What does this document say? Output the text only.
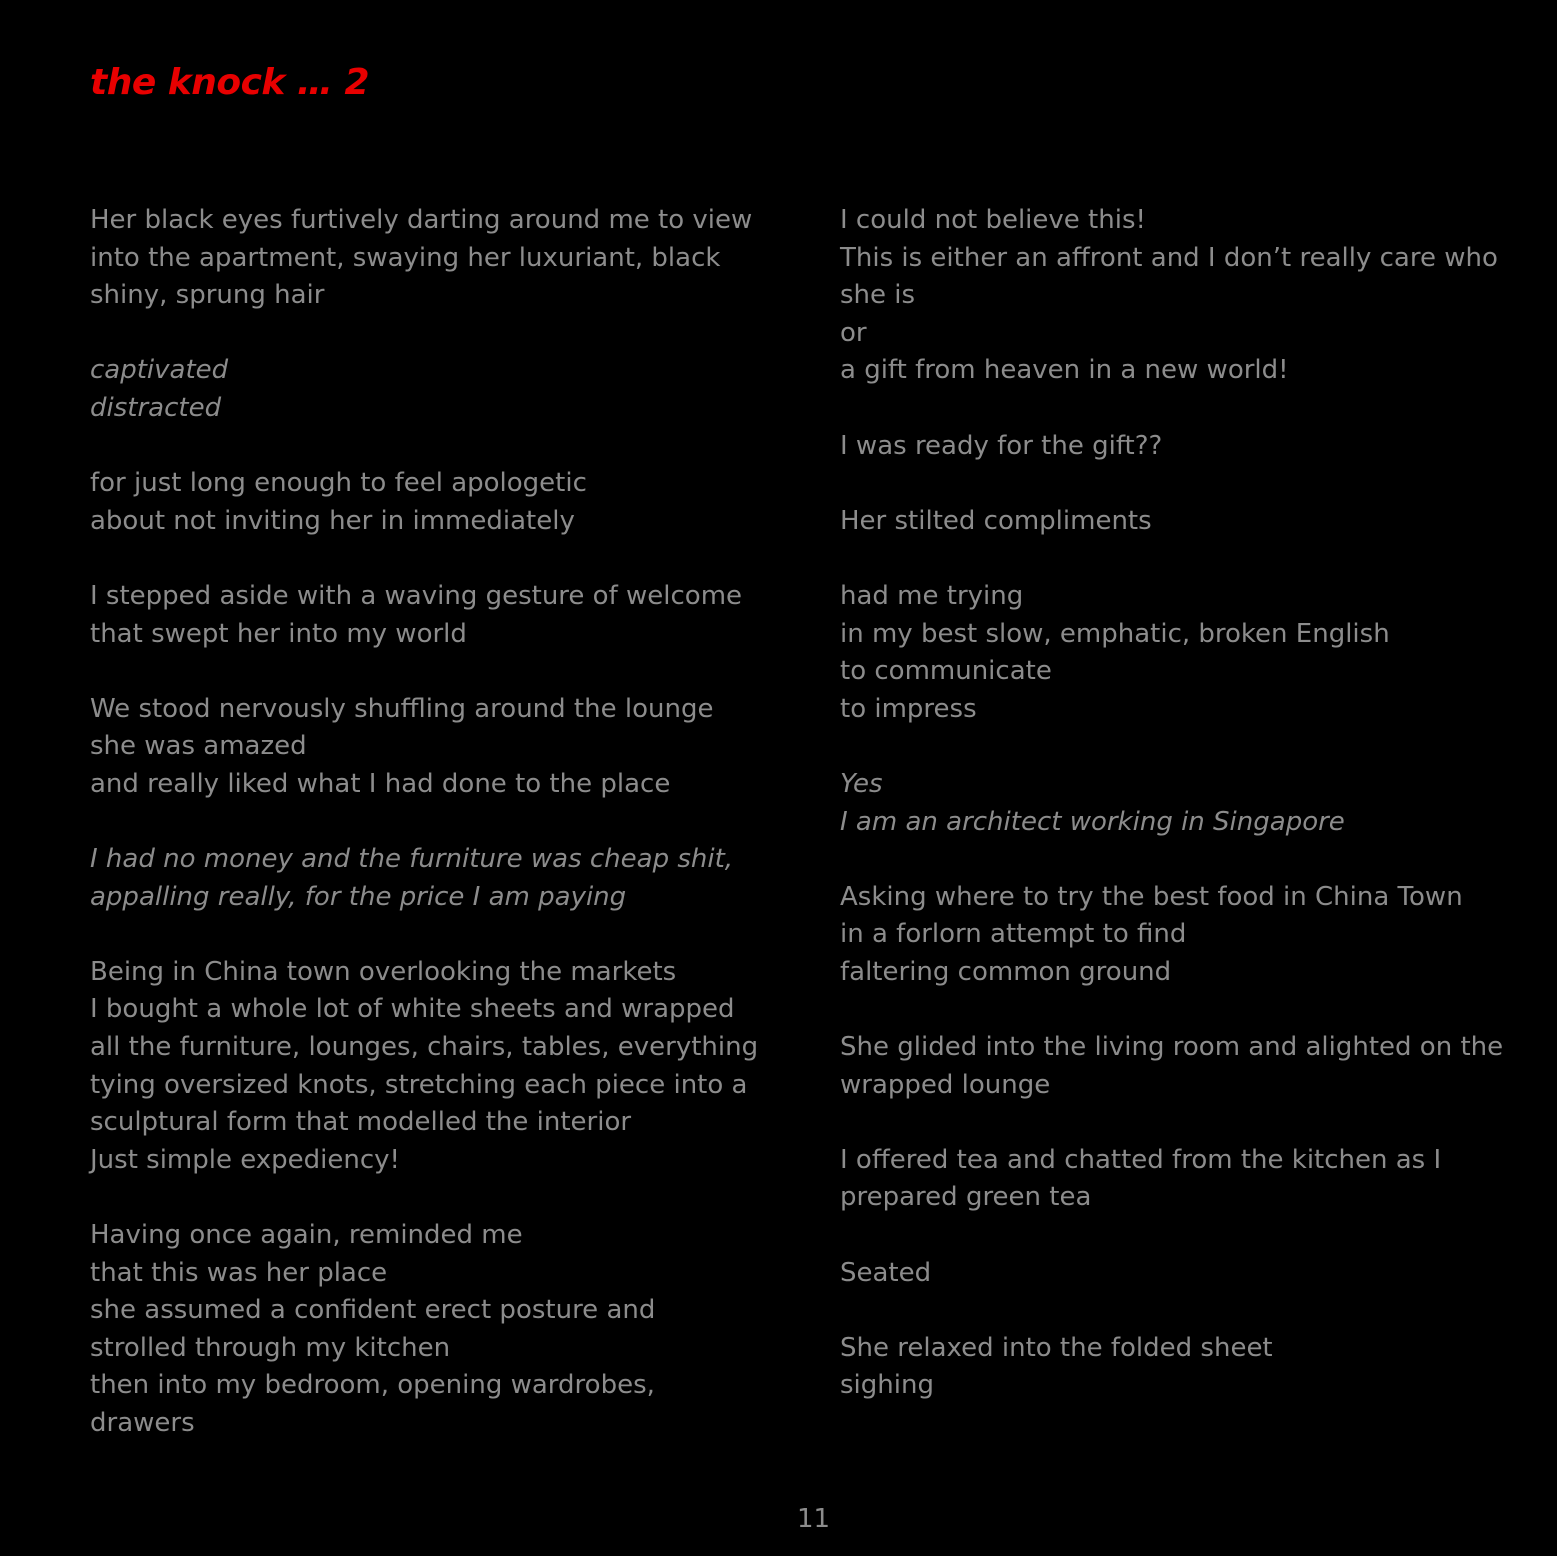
the knock … 2
Her black eyes furtively darting around me to view
into the apartment, swaying her luxuriant, black
shiny, sprung hair
captivated
distracted
for just long enough to feel apologetic
about not inviting her in immediately
I stepped aside with a waving gesture of welcome
that swept her into my world
We stood nervously shuffling around the lounge
she was amazed
and really liked what I had done to the place
I had no money and the furniture was cheap shit,
appalling really, for the price I am paying
Being in China town overlooking the markets
I bought a whole lot of white sheets and wrapped
all the furniture, lounges, chairs, tables, everything
tying oversized knots, stretching each piece into a
sculptural form that modelled the interior
Just simple expediency!
Having once again, reminded me
that this was her place
she assumed a confident erect posture and
strolled through my kitchen
then into my bedroom, opening wardrobes,
drawers
I could not believe this!
This is either an affront and I don’t really care who
she is
or
a gift from heaven in a new world!
I was ready for the gift??
Her stilted compliments
had me trying
in my best slow, emphatic, broken English
to communicate
to impress
Yes
I am an architect working in Singapore
Asking where to try the best food in China Town
in a forlorn attempt to find
faltering common ground
She glided into the living room and alighted on the
wrapped lounge
I offered tea and chatted from the kitchen as I
prepared green tea
Seated
She relaxed into the folded sheet
sighing
11
